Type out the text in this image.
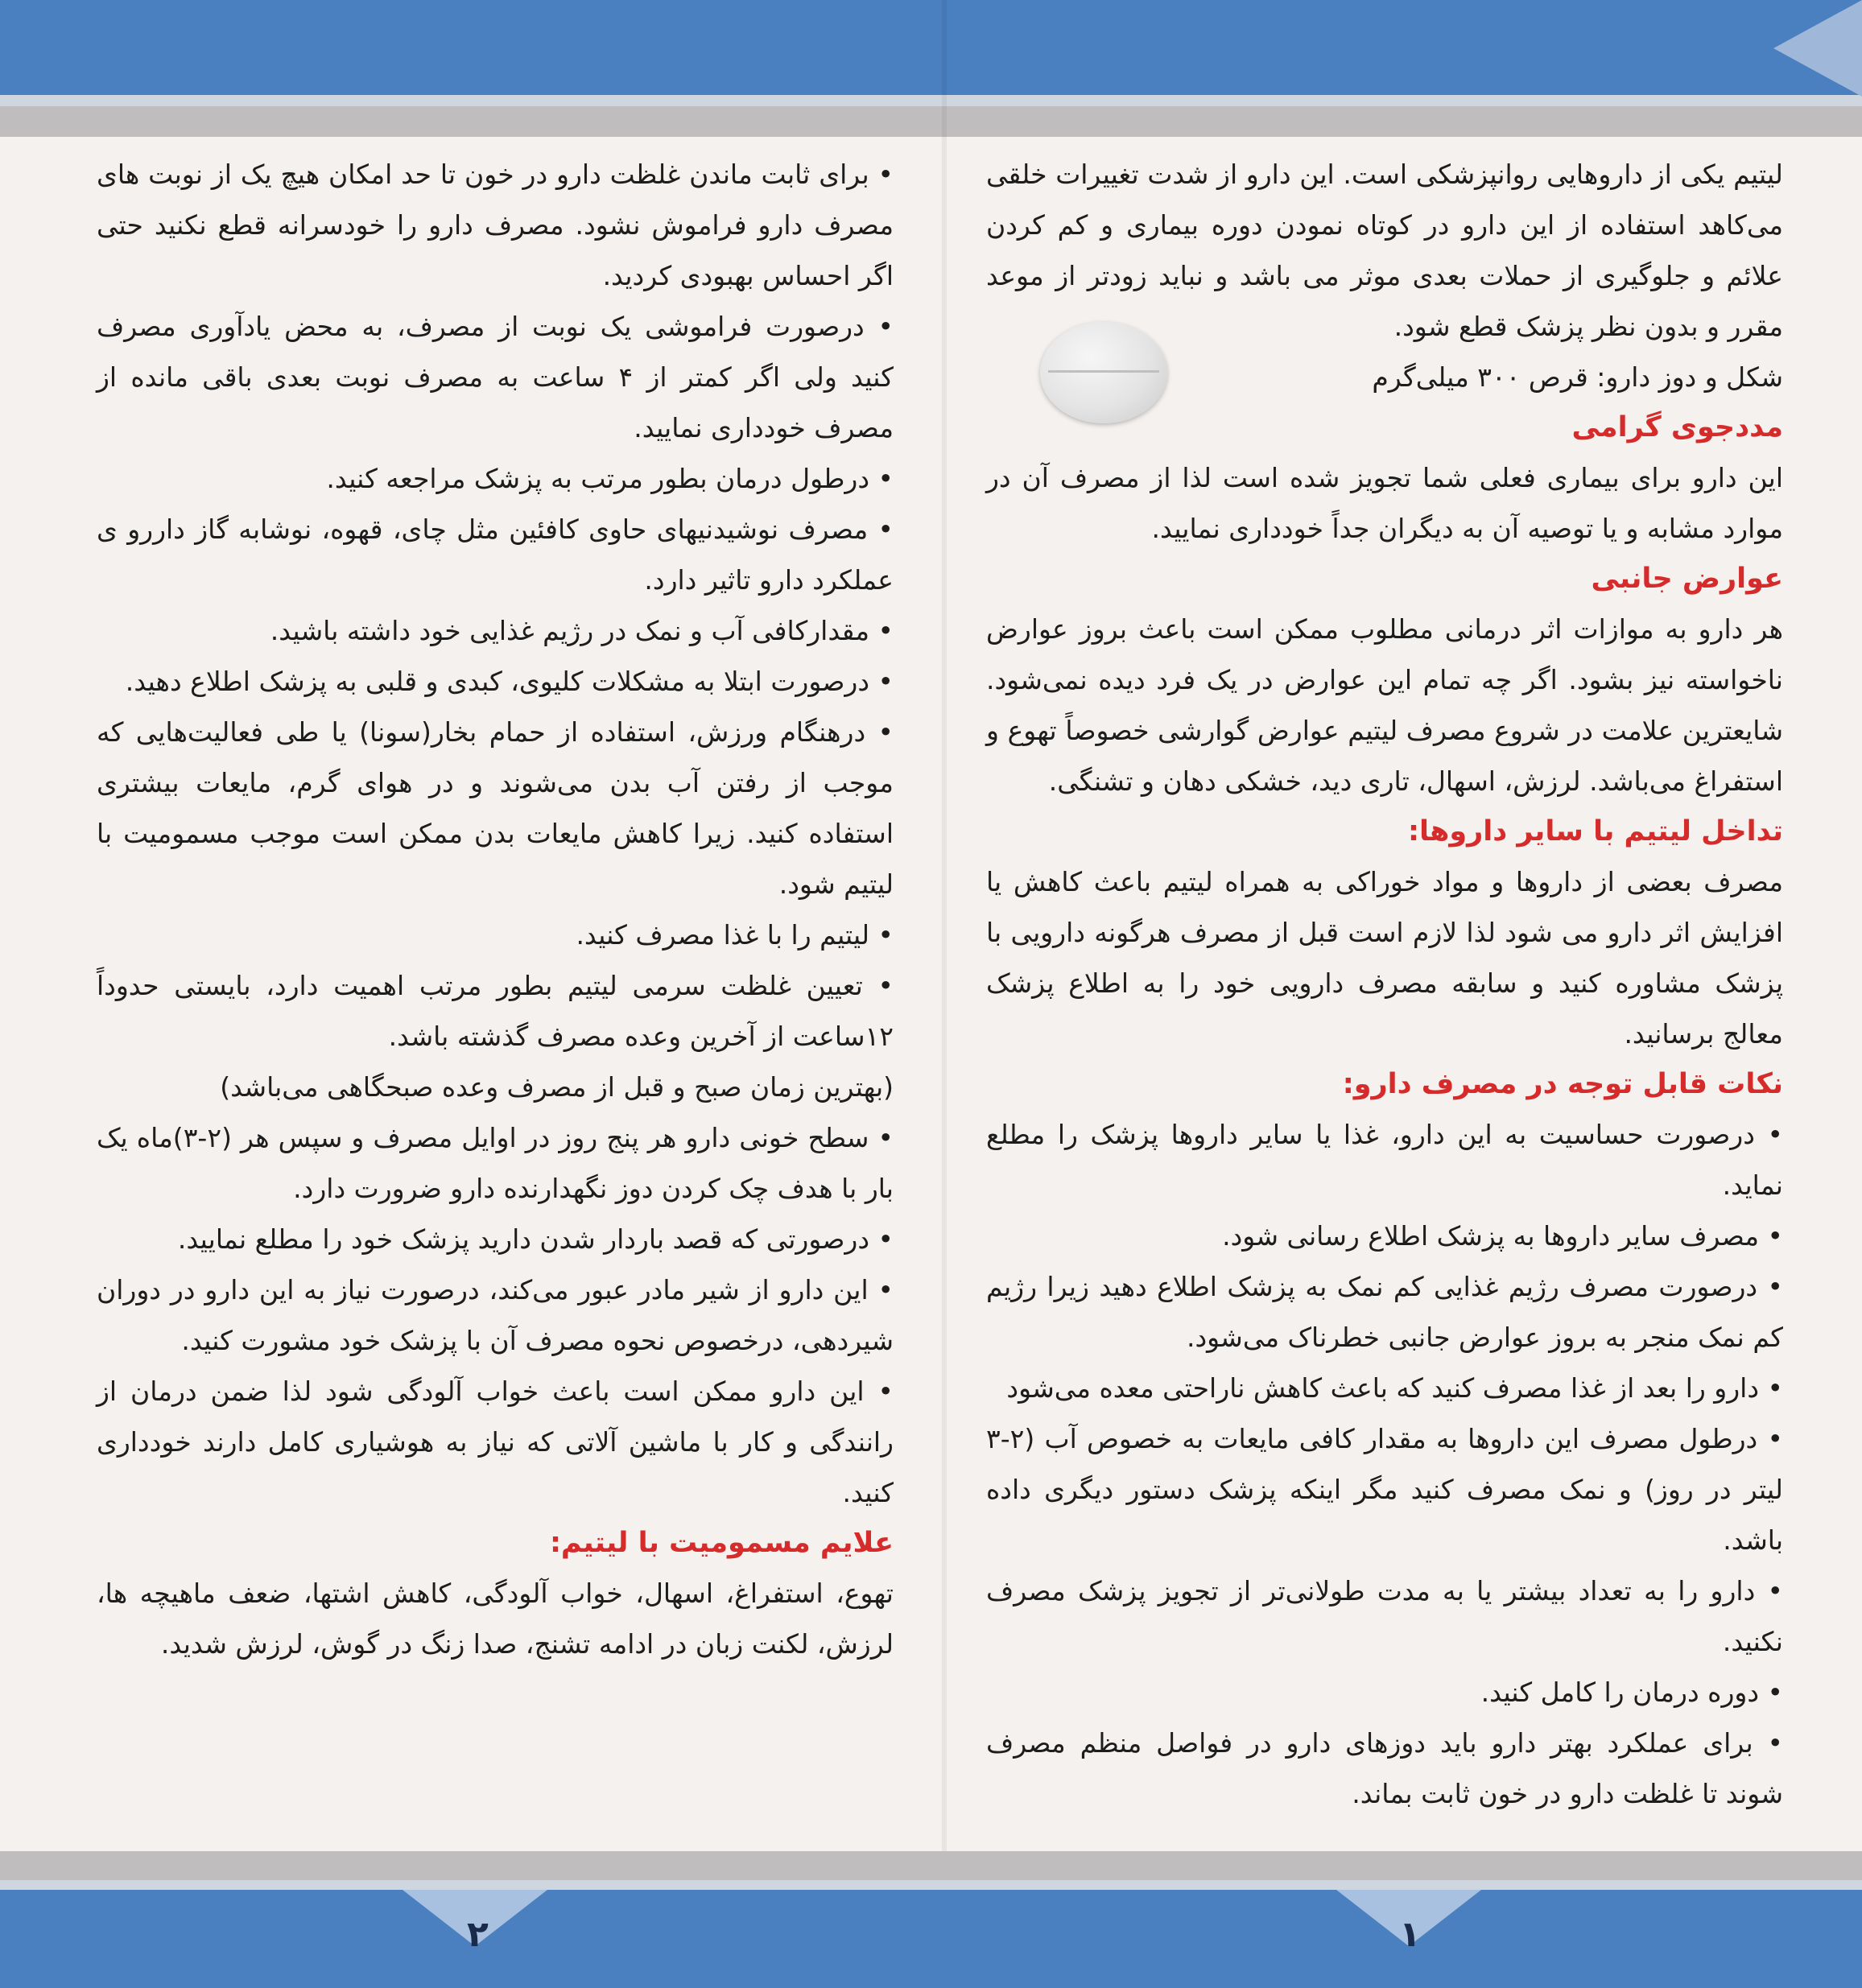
لیتیم یکی از داروهایی روانپزشکی است. این دارو از شدت تغییرات خلقی می‌کاهد استفاده از این دارو در کوتاه نمودن دوره بیماری و کم کردن علائم و جلوگیری از حملات بعدی موثر می باشد و نباید زودتر از موعد مقرر و بدون نظر پزشک قطع شود.

شکل و دوز دارو: قرص ۳۰۰ میلی‌گرم

مددجوی گرامی

این دارو برای بیماری فعلی شما تجویز شده است لذا از مصرف آن در موارد مشابه و یا توصیه آن به دیگران جداً خودداری نمایید.

عوارض جانبی

هر دارو به موازات اثر درمانی مطلوب ممکن است باعث بروز عوارض ناخواسته نیز بشود. اگر چه تمام این عوارض در یک فرد دیده نمی‌شود. شایعترین علامت در شروع مصرف لیتیم عوارض گوارشی خصوصاً تهوع و استفراغ می‌باشد. لرزش، اسهال، تاری دید، خشکی دهان و تشنگی.

تداخل لیتیم با سایر داروها:

مصرف بعضی از داروها و مواد خوراکی به همراه لیتیم باعث کاهش یا افزایش اثر دارو می شود لذا لازم است قبل از مصرف هرگونه دارویی با پزشک مشاوره کنید و سابقه مصرف دارویی خود را به اطلاع پزشک معالج برسانید.

نکات قابل توجه در مصرف دارو:

• درصورت حساسیت به این دارو، غذا یا سایر داروها پزشک را مطلع نماید.

• مصرف سایر داروها به پزشک اطلاع رسانی شود.

• درصورت مصرف رژیم غذایی کم نمک به پزشک اطلاع دهید زیرا رژیم کم نمک منجر به بروز عوارض جانبی خطرناک می‌شود.

• دارو را بعد از غذا مصرف کنید که باعث کاهش ناراحتی معده می‌شود

• درطول مصرف این داروها به مقدار کافی مایعات به خصوص آب (۲-۳ لیتر در روز) و نمک مصرف کنید مگر اینکه پزشک دستور دیگری داده باشد.

• دارو را به تعداد بیشتر یا به مدت طولانی‌تر از تجویز پزشک مصرف نکنید.

• دوره درمان را کامل کنید.

• برای عملکرد بهتر دارو باید دوزهای دارو در فواصل منظم مصرف شوند تا غلظت دارو در خون ثابت بماند.

• برای ثابت ماندن غلظت دارو در خون تا حد امکان هیچ یک از نوبت های مصرف دارو فراموش نشود. مصرف دارو را خودسرانه قطع نکنید حتی اگر احساس بهبودی کردید.

• درصورت فراموشی یک نوبت از مصرف، به محض یادآوری مصرف کنید ولی اگر کمتر از ۴ ساعت به مصرف نوبت بعدی باقی مانده از مصرف خودداری نمایید.

• درطول درمان بطور مرتب به پزشک مراجعه کنید.

• مصرف نوشیدنیهای حاوی کافئین مثل چای، قهوه، نوشابه گاز داررو ی عملکرد دارو تاثیر دارد.

• مقدارکافی آب و نمک در رژیم غذایی خود داشته باشید.

• درصورت ابتلا به مشکلات کلیوی، کبدی و قلبی به پزشک اطلاع دهید.

• درهنگام ورزش، استفاده از حمام بخار(سونا) یا طی فعالیت‌هایی که موجب از رفتن آب بدن می‌شوند و در هوای گرم، مایعات بیشتری استفاده کنید. زیرا کاهش مایعات بدن ممکن است موجب مسمومیت با لیتیم شود.

• لیتیم را با غذا مصرف کنید.

• تعیین غلظت سرمی لیتیم بطور مرتب اهمیت دارد، بایستی حدوداً ۱۲ساعت از آخرین وعده مصرف گذشته باشد.

(بهترین زمان صبح و قبل از مصرف وعده صبحگاهی می‌باشد)

• سطح خونی دارو هر پنج روز در اوایل مصرف و سپس هر (۲-۳)ماه یک بار با هدف چک کردن دوز نگهدارنده دارو ضرورت دارد.

• درصورتی که قصد باردار شدن دارید پزشک خود را مطلع نمایید.

• این دارو از شیر مادر عبور می‌کند، درصورت نیاز به این دارو در دوران شیردهی، درخصوص نحوه مصرف آن با پزشک خود مشورت کنید.

• این دارو ممکن است باعث خواب آلودگی شود لذا ضمن درمان از رانندگی و کار با ماشین آلاتی که نیاز به هوشیاری کامل دارند خودداری کنید.

علایم مسمومیت با لیتیم:

تهوع، استفراغ، اسهال، خواب آلودگی، کاهش اشتها، ضعف ماهیچه ها، لرزش، لکنت زبان در ادامه تشنج، صدا زنگ در گوش، لرزش شدید.

۲	۱
